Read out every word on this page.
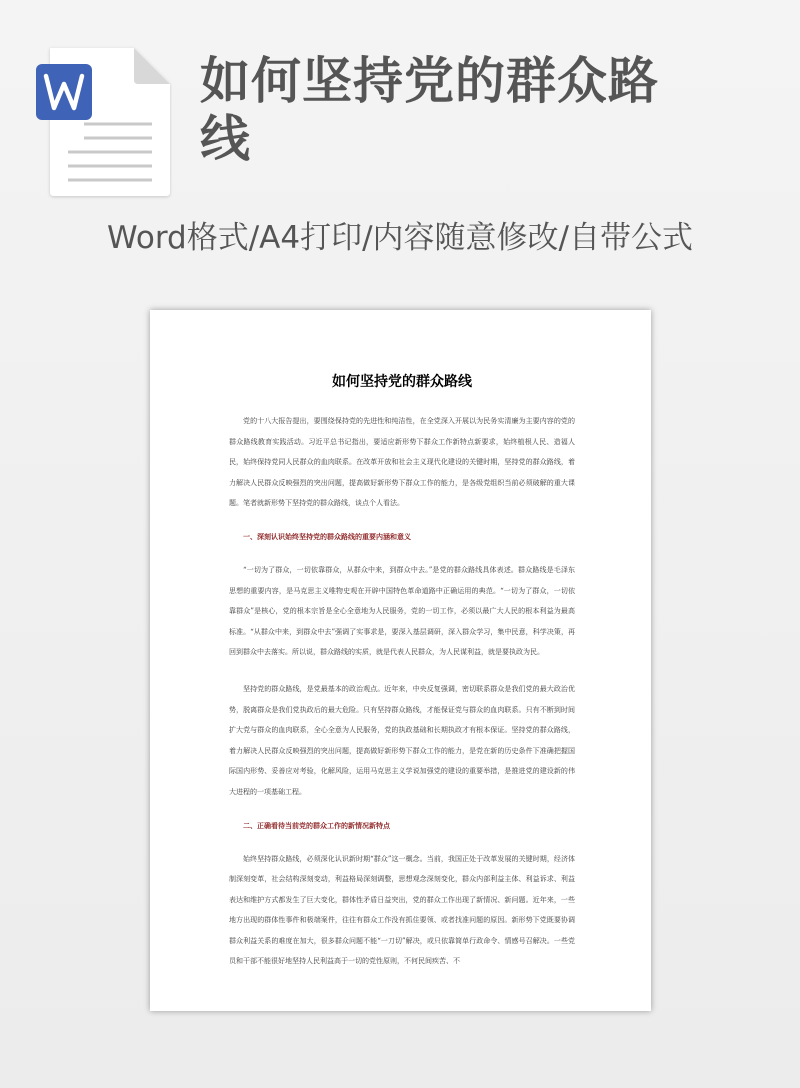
如何坚持党的群众路线

Word格式/A4打印/内容随意修改/自带公式

如何坚持党的群众路线

党的十八大报告提出，要围绕保持党的先进性和纯洁性，在全党深入开展以为民务实清廉为主要内容的党的群众路线教育实践活动。习近平总书记指出，要适应新形势下群众工作新特点新要求，始终植根人民、造福人民，始终保持党同人民群众的血肉联系。在改革开放和社会主义现代化建设的关键时期，坚持党的群众路线，着力解决人民群众反映强烈的突出问题，提高做好新形势下群众工作的能力，是各级党组织当前必须破解的重大课题。笔者就新形势下坚持党的群众路线，谈点个人看法。

一、深刻认识始终坚持党的群众路线的重要内涵和意义

“一切为了群众，一切依靠群众，从群众中来，到群众中去。”是党的群众路线具体表述。群众路线是毛泽东思想的重要内容，是马克思主义唯物史观在开辟中国特色革命道路中正确运用的典范。“一切为了群众，一切依靠群众”是核心，党的根本宗旨是全心全意地为人民服务，党的一切工作，必须以最广大人民的根本利益为最高标准。“从群众中来，到群众中去”强调了实事求是，要深入基层调研，深入群众学习，集中民意，科学决策，再回到群众中去落实。所以说，群众路线的实质，就是代表人民群众，为人民谋利益，就是要执政为民。

坚持党的群众路线，是党最基本的政治观点。近年来，中央反复强调，密切联系群众是我们党的最大政治优势，脱离群众是我们党执政后的最大危险。只有坚持群众路线，才能保证党与群众的血肉联系。只有不断到时间扩大党与群众的血肉联系，全心全意为人民服务，党的执政基础和长期执政才有根本保证。坚持党的群众路线，着力解决人民群众反映强烈的突出问题，提高做好新形势下群众工作的能力，是党在新的历史条件下准确把握国际国内形势、妥善应对考验，化解风险，运用马克思主义学说加强党的建设的重要举措，是推进党的建设新的伟大进程的一项基础工程。

二、正确看待当前党的群众工作的新情况新特点

始终坚持群众路线，必须深化认识新时期“群众”这一概念。当前，我国正处于改革发展的关键时期，经济体制深刻变革，社会结构深刻变动，利益格局深刻调整，思想观念深刻变化，群众内部利益主体、利益诉求、利益表达和维护方式都发生了巨大变化，群体性矛盾日益突出，党的群众工作出现了新情况、新问题。近年来，一些地方出现的群体性事件和极端案件，往往有群众工作没有抓住要领、或者找准问题的原因。新形势下党既要协调群众利益关系的难度在加大，很多群众问题不能“一刀切”解决，或只依靠简单行政命令、情感号召解决。一些党员和干部不能很好地坚持人民利益高于一切的党性原则，不何民间疾苦、不
